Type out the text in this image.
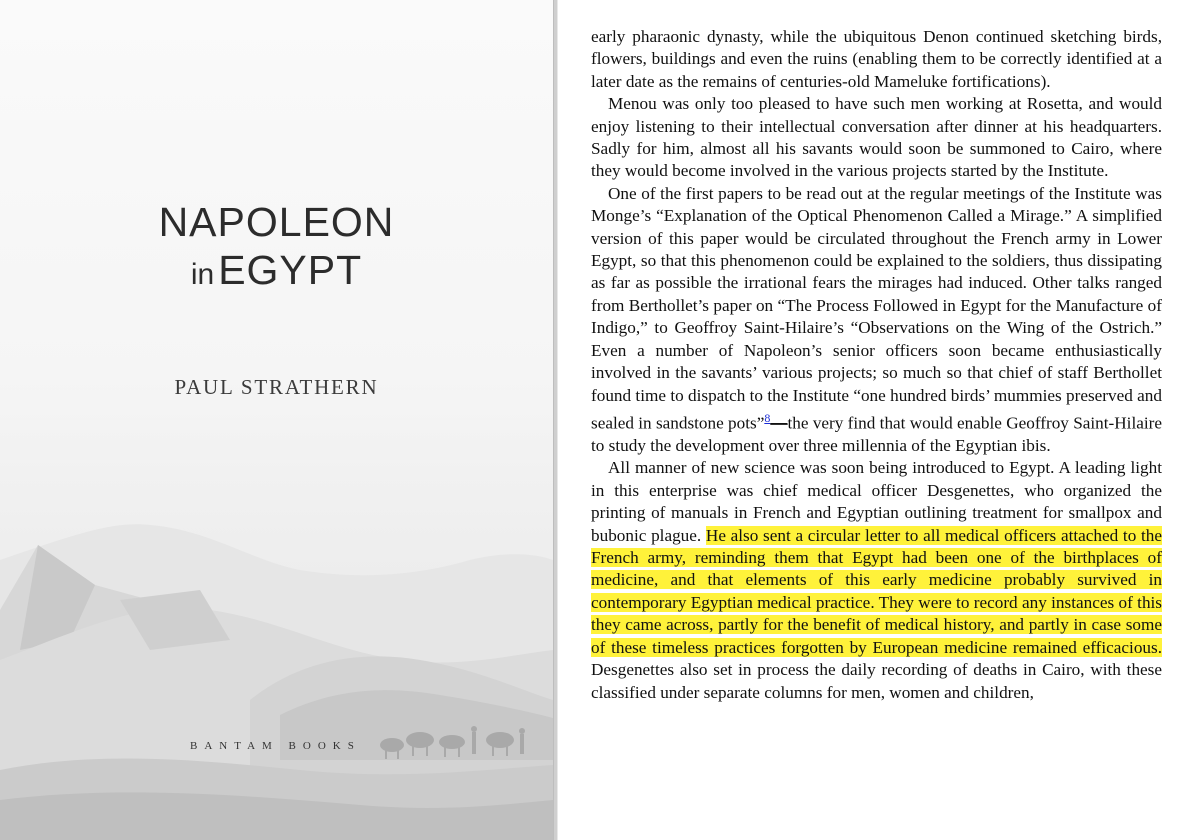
NAPOLEON
inEGYPT
PAUL STRATHERN
BANTAM BOOKS

early pharaonic dynasty, while the ubiquitous Denon continued sketching birds, flowers, buildings and even the ruins (enabling them to be correctly identified at a later date as the remains of centuries-old Mameluke fortifications).

Menou was only too pleased to have such men working at Rosetta, and would enjoy listening to their intellectual conversation after dinner at his headquarters. Sadly for him, almost all his savants would soon be summoned to Cairo, where they would become involved in the various projects started by the Institute.

One of the first papers to be read out at the regular meetings of the Institute was Monge’s “Explanation of the Optical Phenomenon Called a Mirage.” A simplified version of this paper would be circulated throughout the French army in Lower Egypt, so that this phenomenon could be explained to the soldiers, thus dissipating as far as possible the irrational fears the mirages had induced. Other talks ranged from Berthollet’s paper on “The Process Followed in Egypt for the Manufacture of Indigo,” to Geoffroy Saint-Hilaire’s “Observations on the Wing of the Ostrich.” Even a number of Napoleon’s senior officers soon became enthusiastically involved in the savants’ various projects; so much so that chief of staff Berthollet found time to dispatch to the Institute “one hundred birds’ mummies preserved and sealed in sandstone pots”$^8$—the very find that would enable Geoffroy Saint-Hilaire to study the development over three millennia of the Egyptian ibis.

All manner of new science was soon being introduced to Egypt. A leading light in this enterprise was chief medical officer Desgenettes, who organized the printing of manuals in French and Egyptian outlining treatment for smallpox and bubonic plague. He also sent a circular letter to all medical officers attached to the French army, reminding them that Egypt had been one of the birthplaces of medicine, and that elements of this early medicine probably survived in contemporary Egyptian medical practice. They were to record any instances of this they came across, partly for the benefit of medical history, and partly in case some of these timeless practices forgotten by European medicine remained efficacious. Desgenettes also set in process the daily recording of deaths in Cairo, with these classified under separate columns for men, women and children,
